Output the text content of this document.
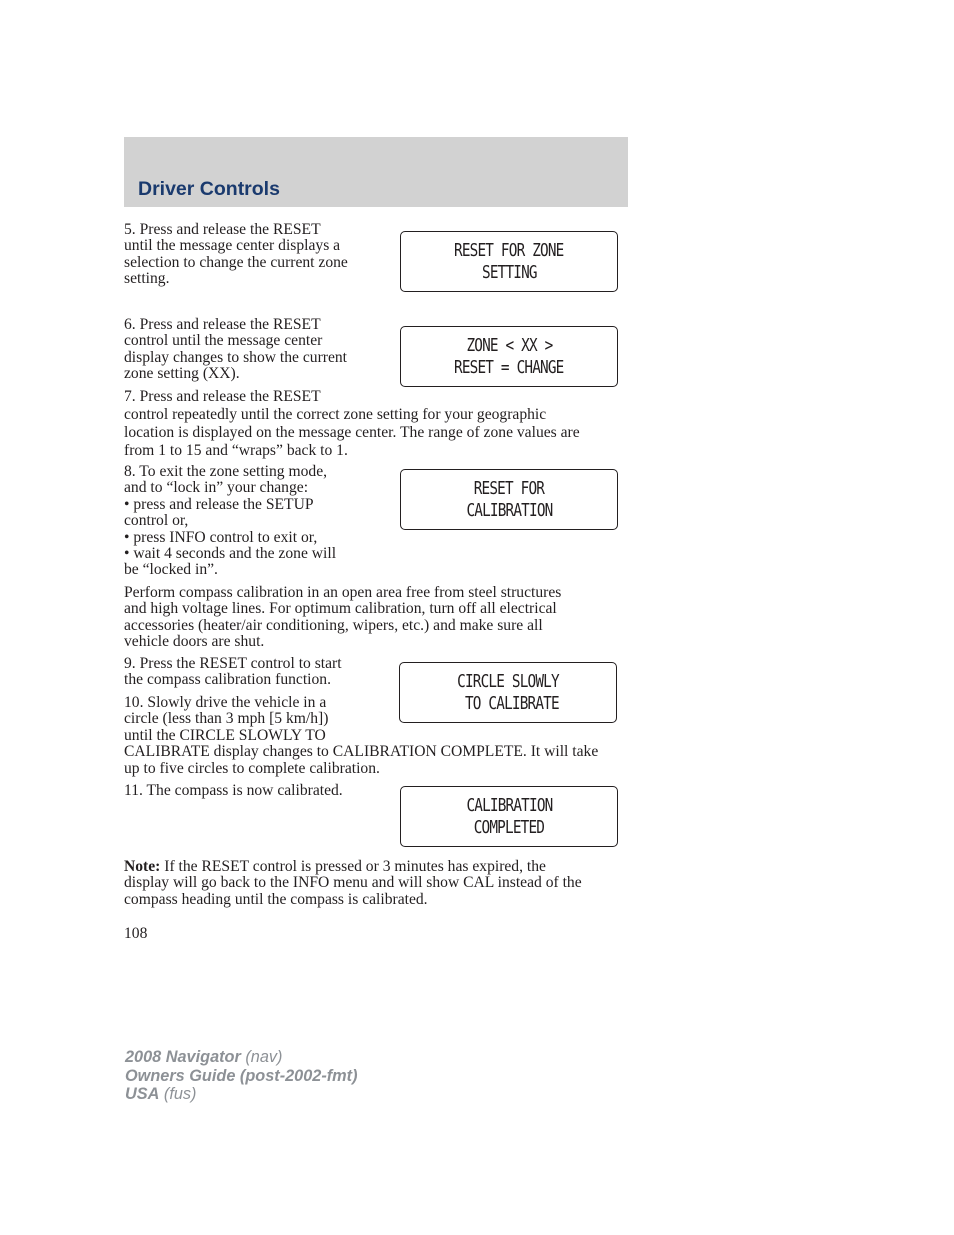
Driver Controls

5. Press and release the RESET
until the message center displays a
selection to change the current zone
setting.

RESET FOR ZONE
SETTING

6. Press and release the RESET
control until the message center
display changes to show the current
zone setting (XX).

ZONE < XX >
RESET = CHANGE

7. Press and release the RESET
control repeatedly until the correct zone setting for your geographic
location is displayed on the message center. The range of zone values are
from 1 to 15 and “wraps” back to 1.

8. To exit the zone setting mode,
and to “lock in” your change:
• press and release the SETUP
control or,
• press INFO control to exit or,
• wait 4 seconds and the zone will
be “locked in”.

RESET FOR
CALIBRATION

Perform compass calibration in an open area free from steel structures
and high voltage lines. For optimum calibration, turn off all electrical
accessories (heater/air conditioning, wipers, etc.) and make sure all
vehicle doors are shut.

9. Press the RESET control to start
the compass calibration function.	CIRCLE SLOWLY
TO CALIBRATE

10. Slowly drive the vehicle in a
circle (less than 3 mph [5 km/h])
until the CIRCLE SLOWLY TO
CALIBRATE display changes to CALIBRATION COMPLETE. It will take
up to five circles to complete calibration.

11. The compass is now calibrated.

CALIBRATION
COMPLETED

Note: If the RESET control is pressed or 3 minutes has expired, the
display will go back to the INFO menu and will show CAL instead of the
compass heading until the compass is calibrated.

108

2008 Navigator (nav)
Owners Guide (post-2002-fmt)
USA (fus)
